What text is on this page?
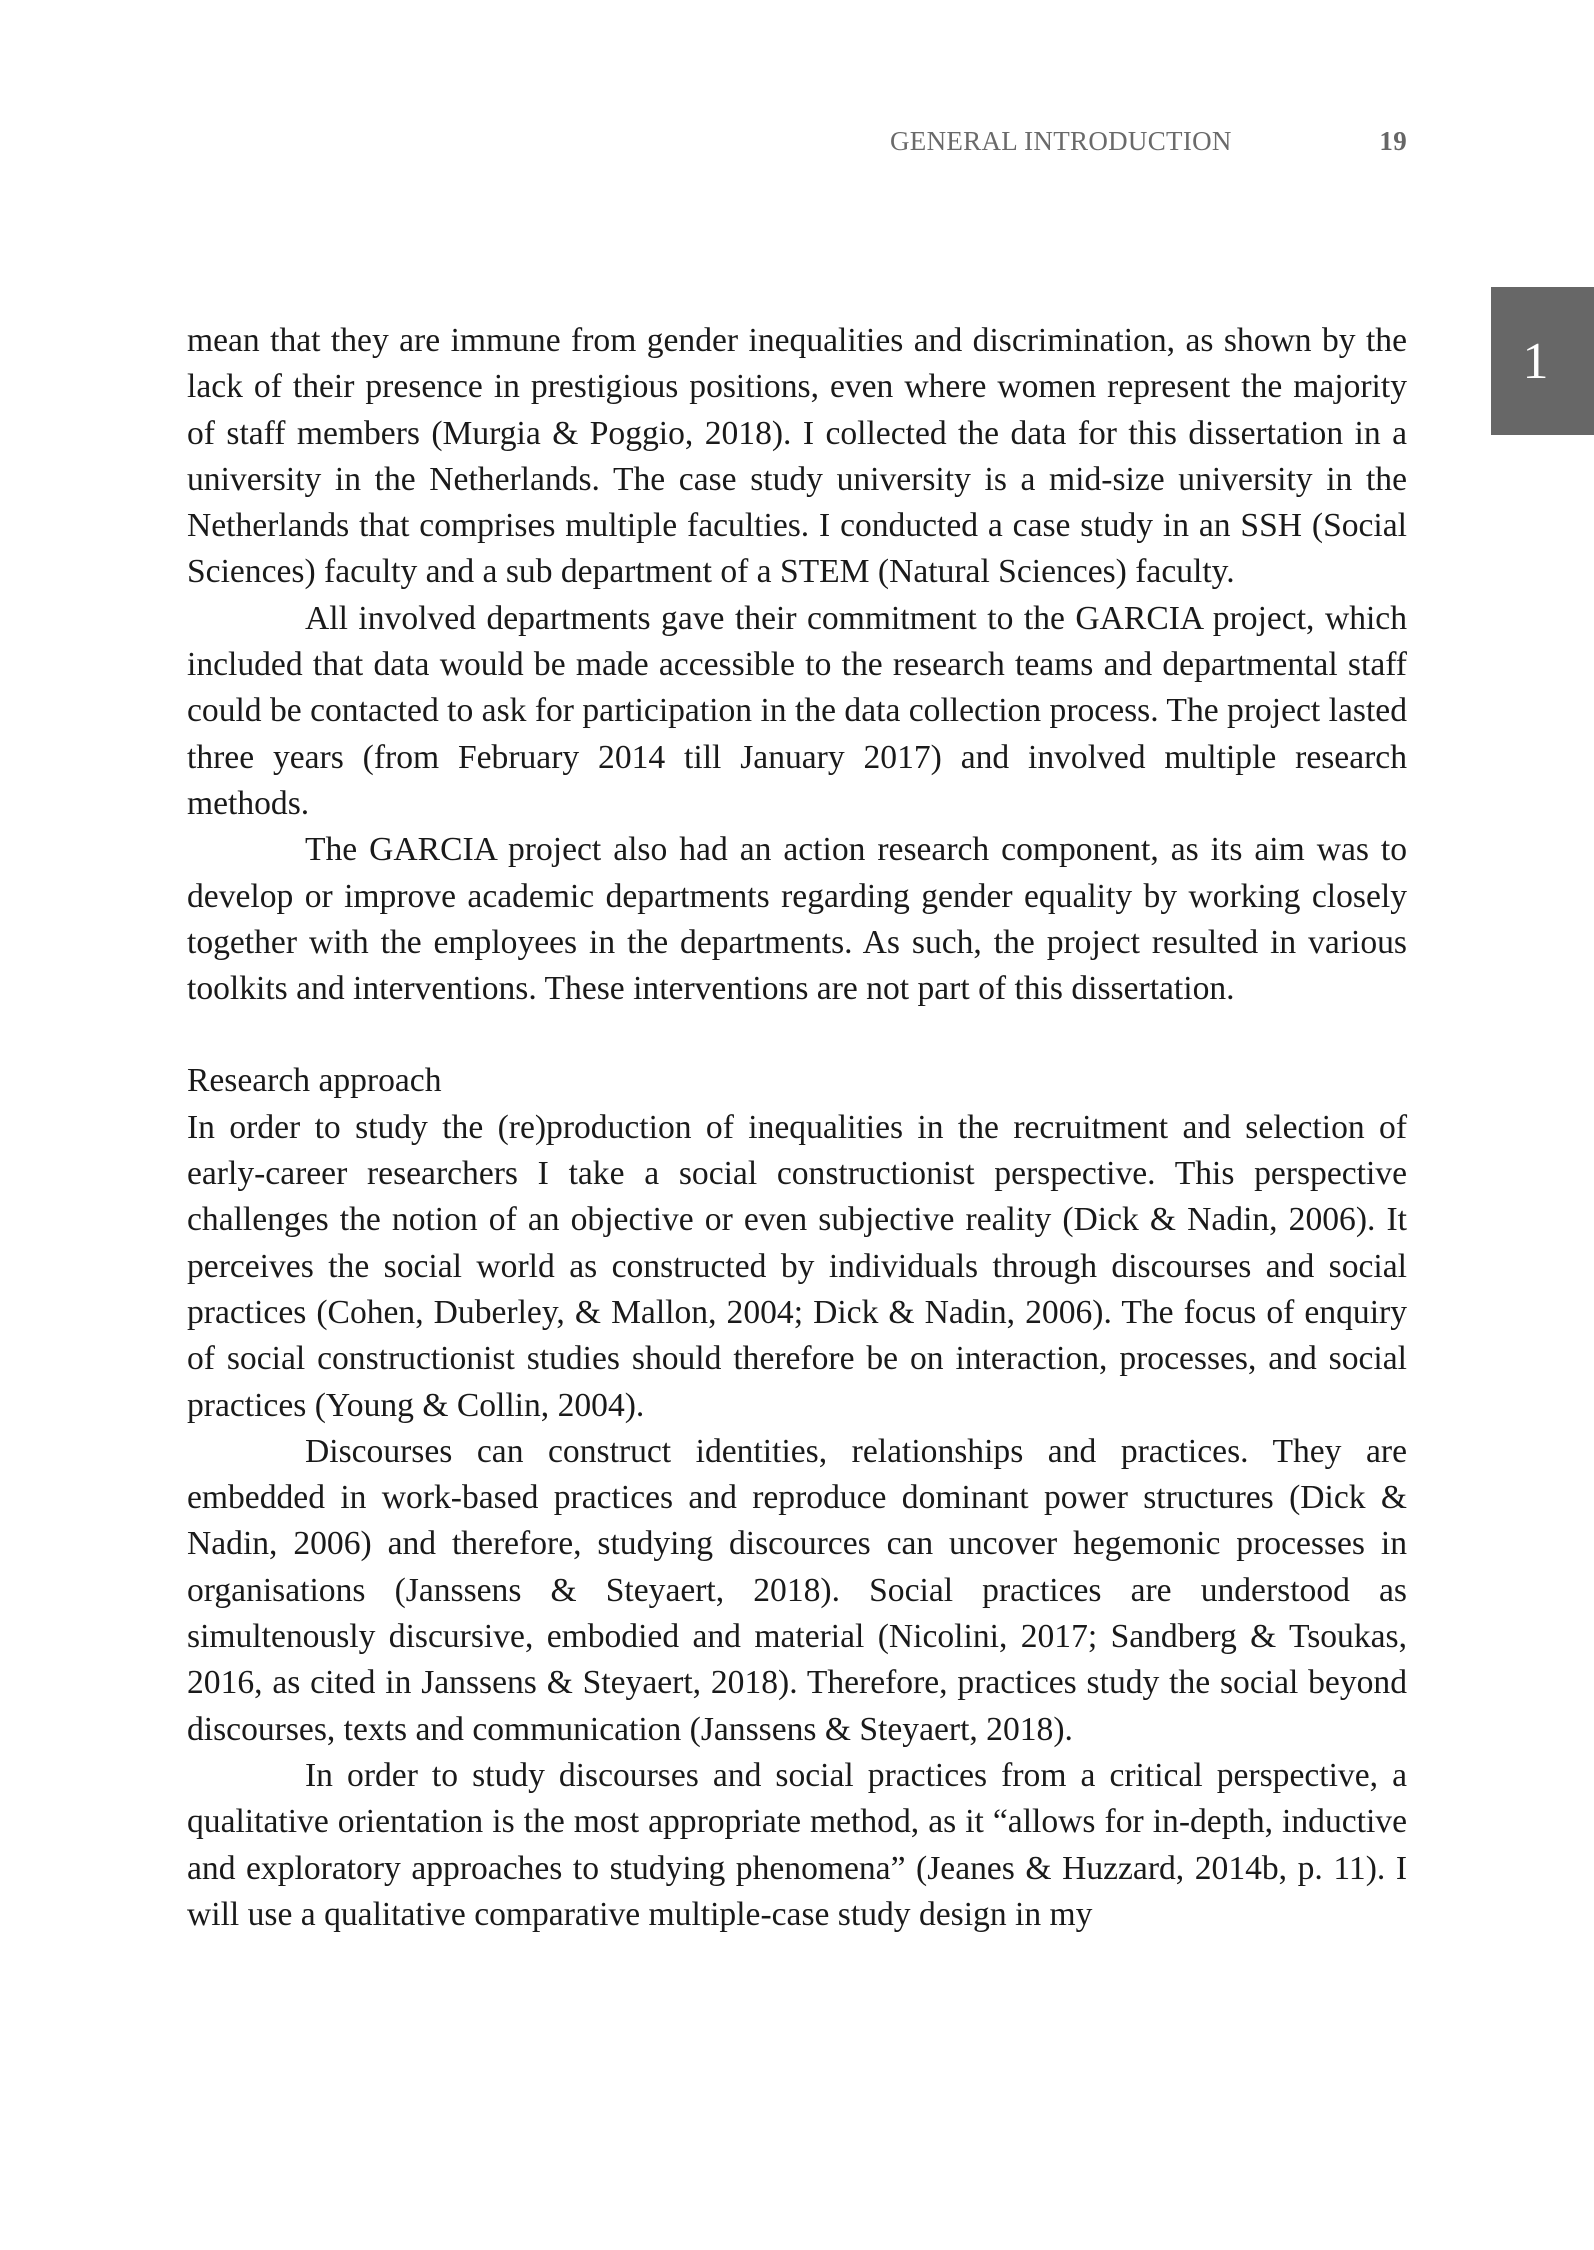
GENERAL INTRODUCTION	19
1

mean that they are immune from gender inequalities and discrimination, as shown by the lack of their presence in prestigious positions, even where women represent the majority of staff members (Murgia & Poggio, 2018). I collected the data for this dissertation in a university in the Netherlands. The case study university is a mid-size university in the Netherlands that comprises multiple faculties. I conducted a case study in an SSH (Social Sciences) faculty and a sub department of a STEM (Natural Sciences) faculty.

All involved departments gave their commitment to the GARCIA project, which included that data would be made accessible to the research teams and departmental staff could be contacted to ask for participation in the data collection process. The project lasted three years (from February 2014 till January 2017) and involved multiple research methods.

The GARCIA project also had an action research component, as its aim was to develop or improve academic departments regarding gender equality by working closely together with the employees in the departments. As such, the project resulted in various toolkits and interventions. These interventions are not part of this dissertation.

Research approach

In order to study the (re)production of inequalities in the recruitment and selection of early-career researchers I take a social constructionist perspective. This perspective challenges the notion of an objective or even subjective reality (Dick & Nadin, 2006). It perceives the social world as constructed by individuals through discourses and social practices (Cohen, Duberley, & Mallon, 2004; Dick & Nadin, 2006). The focus of enquiry of social constructionist studies should therefore be on interaction, processes, and social practices (Young & Collin, 2004).

Discourses can construct identities, relationships and practices. They are embedded in work-based practices and reproduce dominant power structures (Dick & Nadin, 2006) and therefore, studying discources can uncover hegemonic processes in organisations (Janssens & Steyaert, 2018). Social practices are understood as simultenously discursive, embodied and material (Nicolini, 2017; Sandberg & Tsoukas, 2016, as cited in Janssens & Steyaert, 2018). Therefore, practices study the social beyond discourses, texts and communication (Janssens & Steyaert, 2018).

In order to study discourses and social practices from a critical perspective, a qualitative orientation is the most appropriate method, as it “allows for in-depth, inductive and exploratory approaches to studying phenomena” (Jeanes & Huzzard, 2014b, p. 11). I will use a qualitative comparative multiple-case study design in my
